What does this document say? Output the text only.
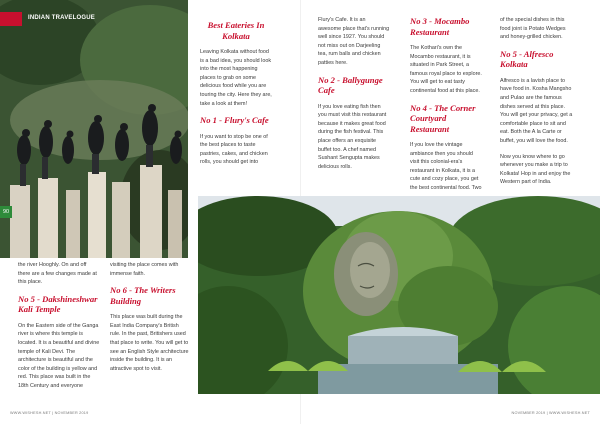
INDIAN TRAVELOGUE
90
Best Eateries In Kolkata

Leaving Kolkata without food is a bad idea, you should look into the most happening places to grab on some delicious food while you are touring the city. Here they are, take a look at them!

No 1 - Flury's Cafe

If you want to stop be one of the best places to taste pastries, cakes, and chicken rolls, you should get into

Flury's Cafe. It is an awesome place that's running well since 1927. You should not miss out on Darjeeling tea, rum balls and chicken patties here.

No 2 - Ballygunge Cafe

If you love eating fish then you must visit this restaurant because it makes great food during the fish festival. This place offers an exquisite buffet too. A chef named Sushant Sengupta makes delicious rolls.

No 3 - Mocambo Restaurant

The Kothari's own the Mocambo restaurant, it is situated in Park Street, a famous royal place to explore. You will get to eat tasty continental food at this place.

No 4 - The Corner Courtyard Restaurant

If you love the vintage ambiance then you should visit this colonial-era's restaurant in Kolkata, it is a cute and cozy place, you get the best continental food. Two

of the special dishes in this food joint is Potato Wedges and honey-grilled chicken.

No 5 - Alfresco Kolkata

Alfresco is a lavish place to have food in. Kosha Mangsho and Pulao are the famous dishes served at this place. You will get your privacy, get a comfortable place to sit and eat. Both the A la Carte or buffet, you will love the food.

Now you know where to go whenever you make a trip to Kolkata! Hop in and enjoy the Western part of India.

the river Hooghly. On and off there are a few changes made at this place.

No 5 - Dakshineshwar Kali Temple

On the Eastern side of the Ganga river is where this temple is located. It is a beautiful and divine temple of Kali Devi. The architecture is beautiful and the color of the building is yellow and red. This place was built in the 18th Century and everyone

visiting the place comes with immense faith.

No 6 - The Writers Building

This place was built during the East India Company's British rule. In the past, Britishers used that place to write. You will get to see an English Style architecture inside the building. It is an attractive spot to visit.

WWW.WISHESH.NET | NOVEMBER 2019	NOVEMBER 2019 | WWW.WISHESH.NET
